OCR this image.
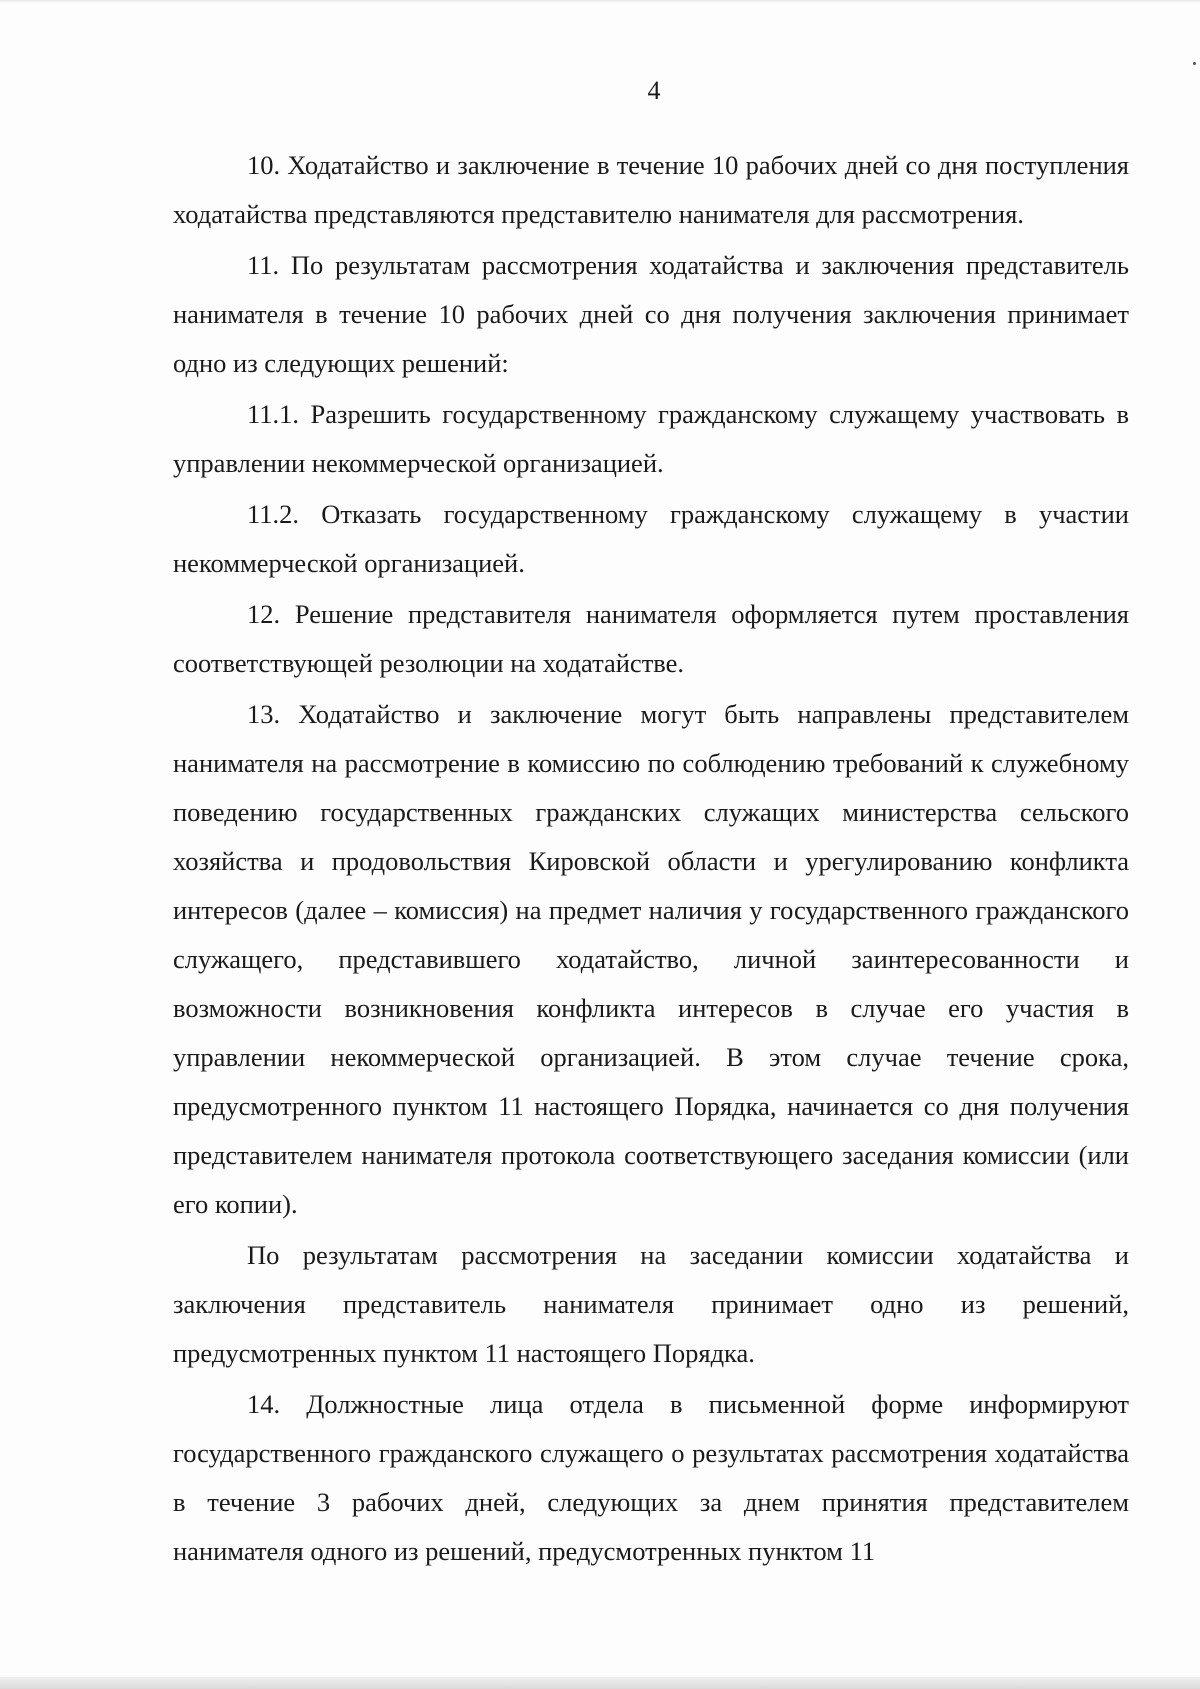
4

10. Ходатайство и заключение в течение 10 рабочих дней со дня поступления ходатайства представляются представителю нанимателя для рассмотрения.

11. По результатам рассмотрения ходатайства и заключения представитель нанимателя в течение 10 рабочих дней со дня получения заключения принимает одно из следующих решений:

11.1. Разрешить государственному гражданскому служащему участвовать в управлении некоммерческой организацией.

11.2. Отказать государственному гражданскому служащему в участии некоммерческой организацией.

12. Решение представителя нанимателя оформляется путем проставления соответствующей резолюции на ходатайстве.

13. Ходатайство и заключение могут быть направлены представителем нанимателя на рассмотрение в комиссию по соблюдению требований к служебному поведению государственных гражданских служащих министерства сельского хозяйства и продовольствия Кировской области и урегулированию конфликта интересов (далее – комиссия) на предмет наличия у государственного гражданского служащего, представившего ходатайство, личной заинтересованности и возможности возникновения конфликта интересов в случае его участия в управлении некоммерческой организацией. В этом случае течение срока, предусмотренного пунктом 11 настоящего Порядка, начинается со дня получения представителем нанимателя протокола соответствующего заседания комиссии (или его копии).

По результатам рассмотрения на заседании комиссии ходатайства и заключения представитель нанимателя принимает одно из решений, предусмотренных пунктом 11 настоящего Порядка.

14. Должностные лица отдела в письменной форме информируют государственного гражданского служащего о результатах рассмотрения ходатайства в течение 3 рабочих дней, следующих за днем принятия представителем нанимателя одного из решений, предусмотренных пунктом 11
